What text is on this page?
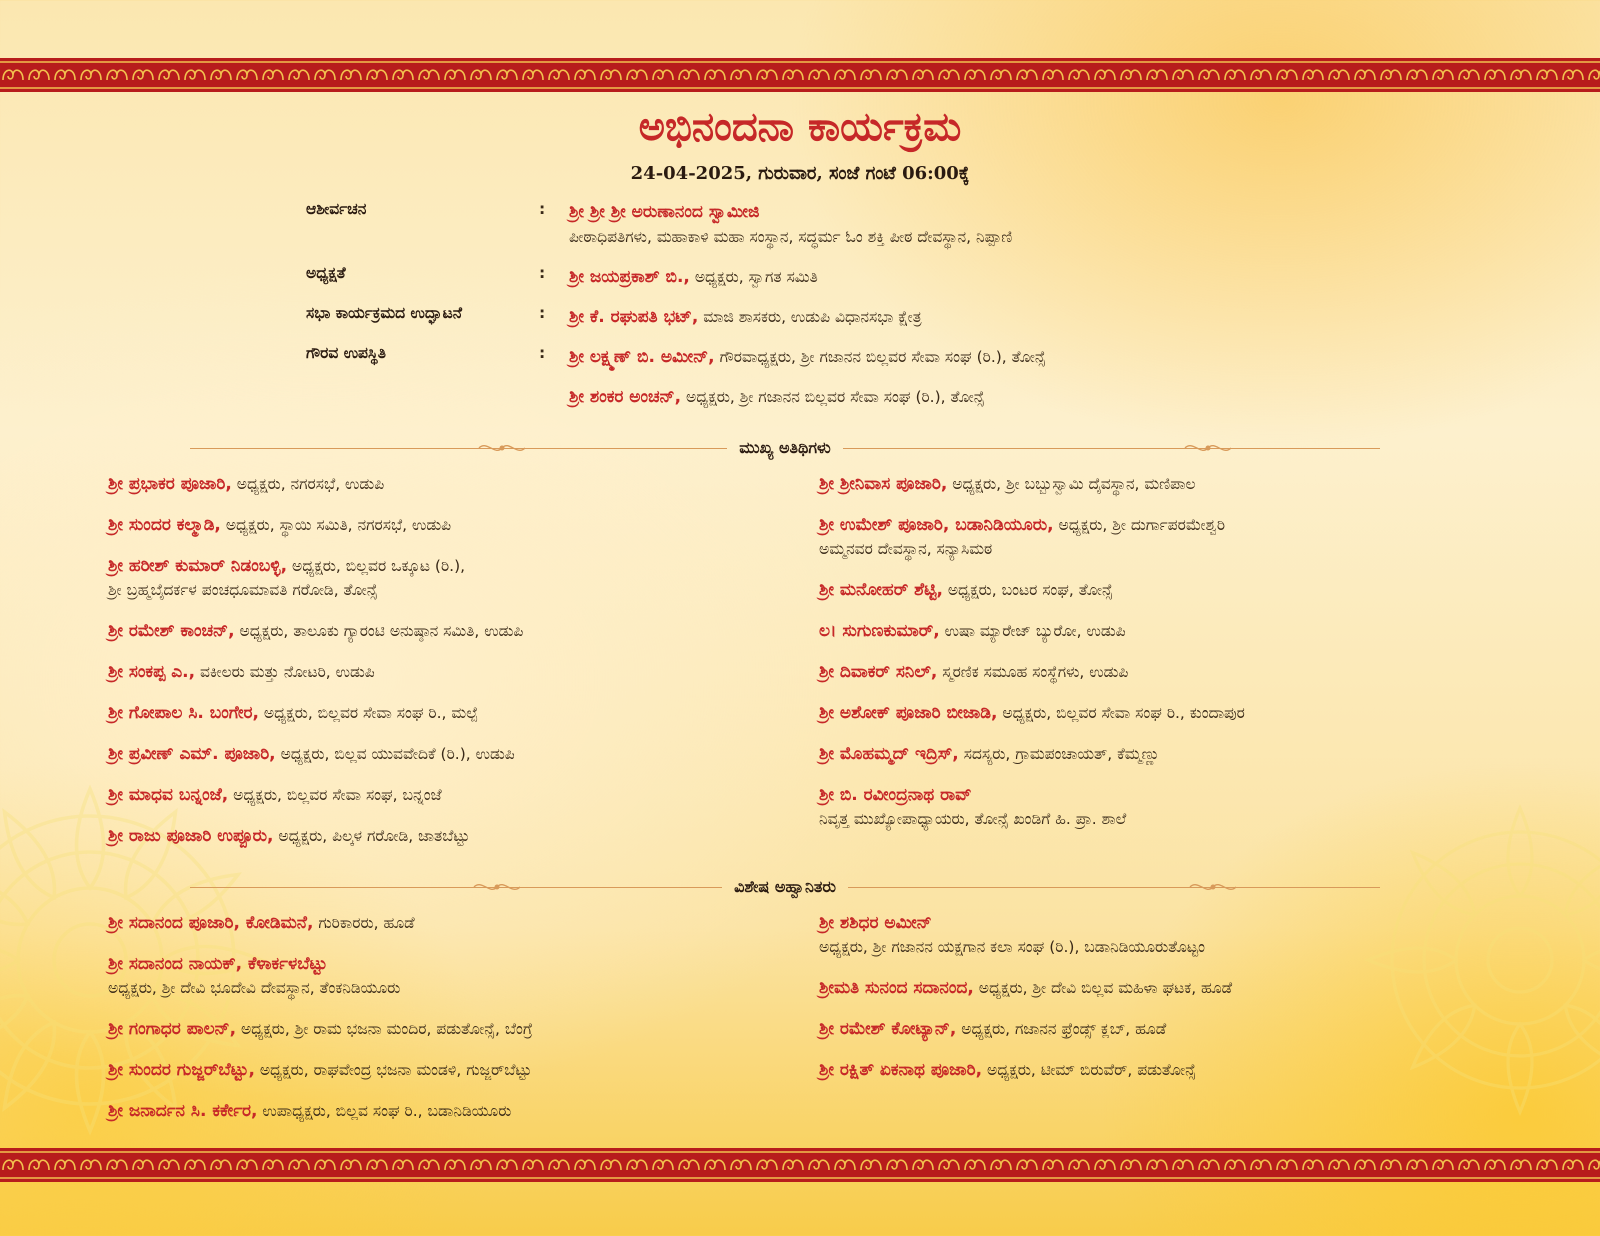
ಅಭಿನಂದನಾ ಕಾರ್ಯಕ್ರಮ
24-04-2025, ಗುರುವಾರ, ಸಂಜೆ ಗಂಟೆ 06:00ಕ್ಕೆ
ಆಶೀರ್ವಚನ	:	ಶ್ರೀ ಶ್ರೀ ಶ್ರೀ ಅರುಣಾನಂದ ಸ್ವಾಮೀಜಿ
ಪೀಠಾಧಿಪತಿಗಳು, ಮಹಾಕಾಳಿ ಮಹಾ ಸಂಸ್ಥಾನ, ಸದ್ಧರ್ಮ ಓಂ ಶಕ್ತಿ ಪೀಠ ದೇವಸ್ಥಾನ, ನಿಪ್ಪಾಣಿ
ಅಧ್ಯಕ್ಷತೆ	:	ಶ್ರೀ ಜಯಪ್ರಕಾಶ್ ಬಿ., ಅಧ್ಯಕ್ಷರು, ಸ್ವಾಗತ ಸಮಿತಿ
ಸಭಾ ಕಾರ್ಯಕ್ರಮದ ಉದ್ಘಾಟನೆ	:	ಶ್ರೀ ಕೆ. ರಘುಪತಿ ಭಟ್, ಮಾಜಿ ಶಾಸಕರು, ಉಡುಪಿ ವಿಧಾನಸಭಾ ಕ್ಷೇತ್ರ
ಗೌರವ ಉಪಸ್ಥಿತಿ	:	ಶ್ರೀ ಲಕ್ಷ್ಮಣ್ ಬಿ. ಅಮೀನ್, ಗೌರವಾಧ್ಯಕ್ಷರು, ಶ್ರೀ ಗಜಾನನ ಬಿಲ್ಲವರ ಸೇವಾ ಸಂಘ (ರಿ.), ತೋನ್ಸೆ
ಶ್ರೀ ಶಂಕರ ಅಂಚನ್, ಅಧ್ಯಕ್ಷರು, ಶ್ರೀ ಗಜಾನನ ಬಿಲ್ಲವರ ಸೇವಾ ಸಂಘ (ರಿ.), ತೋನ್ಸೆ
ಮುಖ್ಯ ಅತಿಥಿಗಳು
ಶ್ರೀ ಪ್ರಭಾಕರ ಪೂಜಾರಿ, ಅಧ್ಯಕ್ಷರು, ನಗರಸಭೆ, ಉಡುಪಿ
ಶ್ರೀ ಸುಂದರ ಕಲ್ಮಾಡಿ, ಅಧ್ಯಕ್ಷರು, ಸ್ಥಾಯಿ ಸಮಿತಿ, ನಗರಸಭೆ, ಉಡುಪಿ
ಶ್ರೀ ಹರೀಶ್ ಕುಮಾರ್ ನಿಡಂಬಳ್ಳಿ, ಅಧ್ಯಕ್ಷರು, ಬಿಲ್ಲವರ ಒಕ್ಕೂಟ (ರಿ.),
ಶ್ರೀ ಬ್ರಹ್ಮಬೈದರ್ಕಳ ಪಂಚಧೂಮಾವತಿ ಗರೋಡಿ, ತೋನ್ಸೆ
ಶ್ರೀ ರಮೇಶ್ ಕಾಂಚನ್, ಅಧ್ಯಕ್ಷರು, ತಾಲೂಕು ಗ್ಯಾರಂಟಿ ಅನುಷ್ಠಾನ ಸಮಿತಿ, ಉಡುಪಿ
ಶ್ರೀ ಸಂಕಪ್ಪ ಎ., ವಕೀಲರು ಮತ್ತು ನೋಟರಿ, ಉಡುಪಿ
ಶ್ರೀ ಗೋಪಾಲ ಸಿ. ಬಂಗೇರ, ಅಧ್ಯಕ್ಷರು, ಬಿಲ್ಲವರ ಸೇವಾ ಸಂಘ ರಿ., ಮಲ್ಪೆ
ಶ್ರೀ ಪ್ರವೀಣ್ ಎಮ್. ಪೂಜಾರಿ, ಅಧ್ಯಕ್ಷರು, ಬಿಲ್ಲವ ಯುವವೇದಿಕೆ (ರಿ.), ಉಡುಪಿ
ಶ್ರೀ ಮಾಧವ ಬನ್ನಂಜೆ, ಅಧ್ಯಕ್ಷರು, ಬಿಲ್ಲವರ ಸೇವಾ ಸಂಘ, ಬನ್ನಂಜೆ
ಶ್ರೀ ರಾಜು ಪೂಜಾರಿ ಉಪ್ಪೂರು, ಅಧ್ಯಕ್ಷರು, ಪಿಲ್ಕಳ ಗರೋಡಿ, ಜಾತಬೆಟ್ಟು
ಶ್ರೀ ಶ್ರೀನಿವಾಸ ಪೂಜಾರಿ, ಅಧ್ಯಕ್ಷರು, ಶ್ರೀ ಬಬ್ಬುಸ್ವಾಮಿ ದೈವಸ್ಥಾನ, ಮಣಿಪಾಲ
ಶ್ರೀ ಉಮೇಶ್ ಪೂಜಾರಿ, ಬಡಾನಿಡಿಯೂರು, ಅಧ್ಯಕ್ಷರು, ಶ್ರೀ ದುರ್ಗಾಪರಮೇಶ್ವರಿ
ಅಮ್ಮನವರ ದೇವಸ್ಥಾನ, ಸನ್ಯಾಸಿಮಠ
ಶ್ರೀ ಮನೋಹರ್ ಶೆಟ್ಟಿ, ಅಧ್ಯಕ್ಷರು, ಬಂಟರ ಸಂಘ, ತೋನ್ಸೆ
ಲ। ಸುಗುಣಕುಮಾರ್, ಉಷಾ ಮ್ಯಾರೇಜ್ ಬ್ಯುರೋ, ಉಡುಪಿ
ಶ್ರೀ ದಿವಾಕರ್ ಸನಿಲ್, ಸ್ಮರಣಿಕ ಸಮೂಹ ಸಂಸ್ಥೆಗಳು, ಉಡುಪಿ
ಶ್ರೀ ಅಶೋಕ್ ಪೂಜಾರಿ ಬೀಜಾಡಿ, ಅಧ್ಯಕ್ಷರು, ಬಿಲ್ಲವರ ಸೇವಾ ಸಂಘ ರಿ., ಕುಂದಾಪುರ
ಶ್ರೀ ಮೊಹಮ್ಮದ್ ಇದ್ರಿಸ್, ಸದಸ್ಯರು, ಗ್ರಾಮಪಂಚಾಯತ್, ಕೆಮ್ಮಣ್ಣು
ಶ್ರೀ ಬಿ. ರವೀಂದ್ರನಾಥ ರಾವ್
ನಿವೃತ್ತ ಮುಖ್ಯೋಪಾಧ್ಯಾಯರು, ತೋನ್ಸೆ ಖಂಡಿಗೆ ಹಿ. ಪ್ರಾ. ಶಾಲೆ
ವಿಶೇಷ ಅಹ್ವಾನಿತರು
ಶ್ರೀ ಸದಾನಂದ ಪೂಜಾರಿ, ಕೋಡಿಮನೆ, ಗುರಿಕಾರರು, ಹೂಡೆ
ಶ್ರೀ ಸದಾನಂದ ನಾಯಕ್, ಕೆಳಾರ್ಕಳಬೆಟ್ಟು
ಅಧ್ಯಕ್ಷರು, ಶ್ರೀ ದೇವಿ ಭೂದೇವಿ ದೇವಸ್ಥಾನ, ತೆಂಕನಿಡಿಯೂರು
ಶ್ರೀ ಗಂಗಾಧರ ಪಾಲನ್, ಅಧ್ಯಕ್ಷರು, ಶ್ರೀ ರಾಮ ಭಜನಾ ಮಂದಿರ, ಪಡುತೋನ್ಸೆ, ಬೆಂಗ್ರೆ
ಶ್ರೀ ಸುಂದರ ಗುಜ್ಜರ್‌ಬೆಟ್ಟು, ಅಧ್ಯಕ್ಷರು, ರಾಘವೇಂದ್ರ ಭಜನಾ ಮಂಡಳಿ, ಗುಜ್ಜರ್‌ಬೆಟ್ಟು
ಶ್ರೀ ಜನಾರ್ದನ ಸಿ. ಕರ್ಕೇರ, ಉಪಾಧ್ಯಕ್ಷರು, ಬಿಲ್ಲವ ಸಂಘ ರಿ., ಬಡಾನಿಡಿಯೂರು
ಶ್ರೀ ಶಶಿಧರ ಅಮೀನ್
ಅಧ್ಯಕ್ಷರು, ಶ್ರೀ ಗಜಾನನ ಯಕ್ಷಗಾನ ಕಲಾ ಸಂಘ (ರಿ.), ಬಡಾನಿಡಿಯೂರುತೊಟ್ಟಂ
ಶ್ರೀಮತಿ ಸುನಂದ ಸದಾನಂದ, ಅಧ್ಯಕ್ಷರು, ಶ್ರೀ ದೇವಿ ಬಿಲ್ಲವ ಮಹಿಳಾ ಘಟಕ, ಹೂಡೆ
ಶ್ರೀ ರಮೇಶ್ ಕೋಟ್ಯಾನ್, ಅಧ್ಯಕ್ಷರು, ಗಜಾನನ ಫ್ರೆಂಡ್ಸ್ ಕ್ಲಬ್, ಹೂಡೆ
ಶ್ರೀ ರಕ್ಷಿತ್ ಏಕನಾಥ ಪೂಜಾರಿ, ಅಧ್ಯಕ್ಷರು, ಟೀಮ್ ಬಿರುವೆರ್, ಪಡುತೋನ್ಸೆ
